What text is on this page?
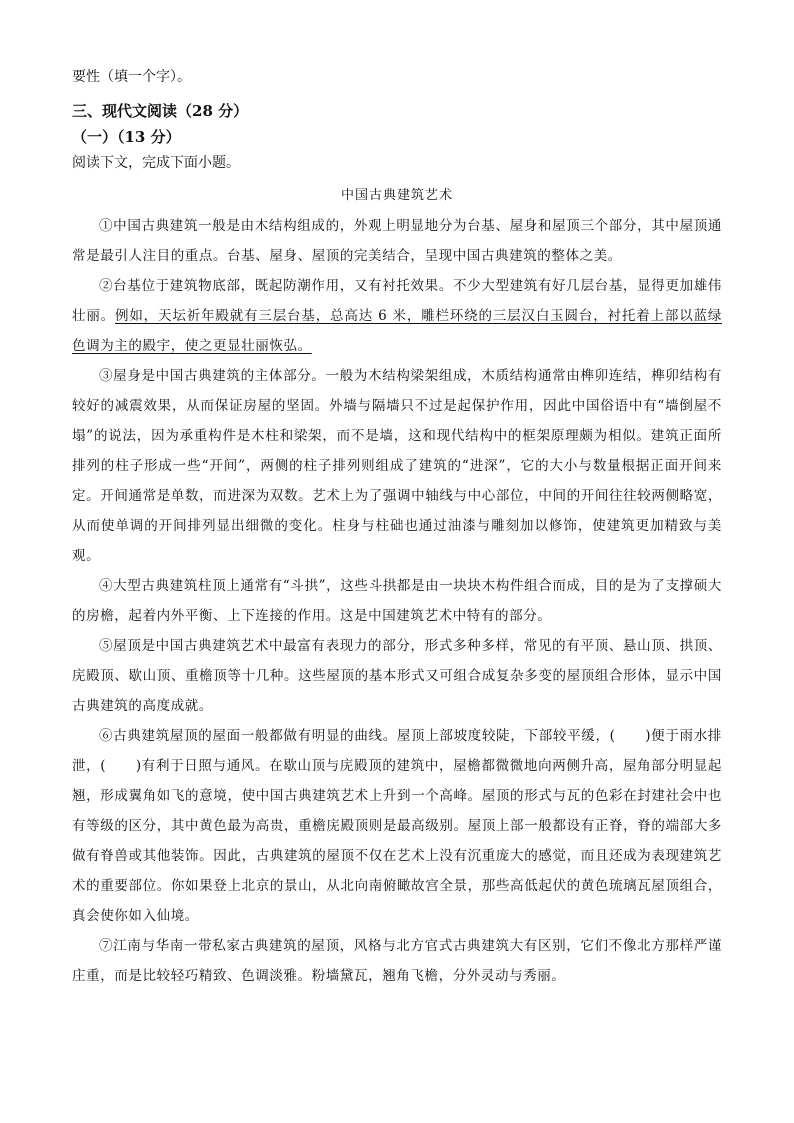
要性（填一个字）。
三、现代文阅读（28 分）
（一）（13 分）
阅读下文，完成下面小题。
中国古典建筑艺术

①中国古典建筑一般是由木结构组成的，外观上明显地分为台基、屋身和屋顶三个部分，其中屋顶通常是最引人注目的重点。台基、屋身、屋顶的完美结合，呈现中国古典建筑的整体之美。

②台基位于建筑物底部，既起防潮作用，又有衬托效果。不少大型建筑有好几层台基，显得更加雄伟壮丽。例如，天坛祈年殿就有三层台基，总高达 6 米，雕栏环绕的三层汉白玉圆台，衬托着上部以蓝绿色调为主的殿宇，使之更显壮丽恢弘。

③屋身是中国古典建筑的主体部分。一般为木结构梁架组成，木质结构通常由榫卯连结，榫卯结构有较好的减震效果，从而保证房屋的坚固。外墙与隔墙只不过是起保护作用，因此中国俗语中有“墙倒屋不塌”的说法，因为承重构件是木柱和梁架，而不是墙，这和现代结构中的框架原理颇为相似。建筑正面所排列的柱子形成一些“开间”，两侧的柱子排列则组成了建筑的“进深”，它的大小与数量根据正面开间来定。开间通常是单数，而进深为双数。艺术上为了强调中轴线与中心部位，中间的开间往往较两侧略宽，从而使单调的开间排列显出细微的变化。柱身与柱础也通过油漆与雕刻加以修饰，使建筑更加精致与美观。

④大型古典建筑柱顶上通常有“斗拱”，这些斗拱都是由一块块木构件组合而成，目的是为了支撑硕大的房檐，起着内外平衡、上下连接的作用。这是中国建筑艺术中特有的部分。

⑤屋顶是中国古典建筑艺术中最富有表现力的部分，形式多种多样，常见的有平顶、悬山顶、拱顶、庑殿顶、歇山顶、重檐顶等十几种。这些屋顶的基本形式又可组合成复杂多变的屋顶组合形体，显示中国古典建筑的高度成就。

⑥古典建筑屋顶的屋面一般都做有明显的曲线。屋顶上部坡度较陡，下部较平缓，( )便于雨水排泄，( )有利于日照与通风。在歇山顶与庑殿顶的建筑中，屋檐都微微地向两侧升高，屋角部分明显起翘，形成翼角如飞的意境，使中国古典建筑艺术上升到一个高峰。屋顶的形式与瓦的色彩在封建社会中也有等级的区分，其中黄色最为高贵，重檐庑殿顶则是最高级别。屋顶上部一般都设有正脊，脊的端部大多做有脊兽或其他装饰。因此，古典建筑的屋顶不仅在艺术上没有沉重庞大的感觉，而且还成为表现建筑艺术的重要部位。你如果登上北京的景山，从北向南俯瞰故宫全景，那些高低起伏的黄色琉璃瓦屋顶组合，真会使你如入仙境。

⑦江南与华南一带私家古典建筑的屋顶，风格与北方官式古典建筑大有区别，它们不像北方那样严谨庄重，而是比较轻巧精致、色调淡雅。粉墙黛瓦，翘角飞檐，分外灵动与秀丽。
